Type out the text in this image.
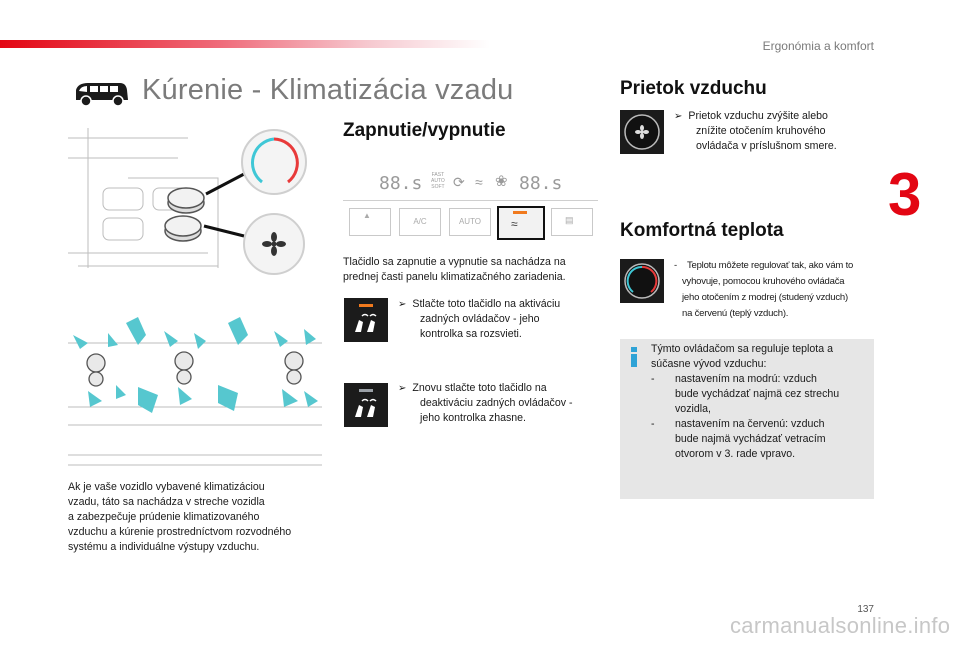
Ergonómia a komfort
3
Kúrenie - Klimatizácia vzadu
Ak je vaše vozidlo vybavené klimatizáciou
vzadu, táto sa nachádza v streche vozidla
a zabezpečuje prúdenie klimatizovaného
vzduchu a kúrenie prostredníctvom rozvodného
systému a individuálne výstupy vzduchu.
Zapnutie/vypnutie
88.s FAST
AUTO
SOFT ⟳ ≈ ❀ 88.s
▲
A/C	AUTO	≈	▤
Tlačidlo sa zapnutie a vypnutie sa nachádza na
prednej časti panelu klimatizačného zariadenia.
➢ Stlačte toto tlačidlo na aktiváciu
zadných ovládačov - jeho
kontrolka sa rozsvieti.
➢ Znovu stlačte toto tlačidlo na
deaktiváciu zadných ovládačov -
jeho kontrolka zhasne.
Prietok vzduchu
➢ Prietok vzduchu zvýšite alebo
znížite otočením kruhového
ovládača v príslušnom smere.
Komfortná teplota
- Teplotu môžete regulovať tak, ako vám to
vyhovuje, pomocou kruhového ovládača
jeho otočením z modrej (studený vzduch)
na červenú (teplý vzduch).
Týmto ovládačom sa reguluje teplota a
súčasne vývod vzduchu:
- nastavením na modrú: vzduch
bude vychádzať najmä cez strechu
vozidla,
- nastavením na červenú: vzduch
bude najmä vychádzať vetracím
otvorom v 3. rade vpravo.
137
carmanualsonline.info
